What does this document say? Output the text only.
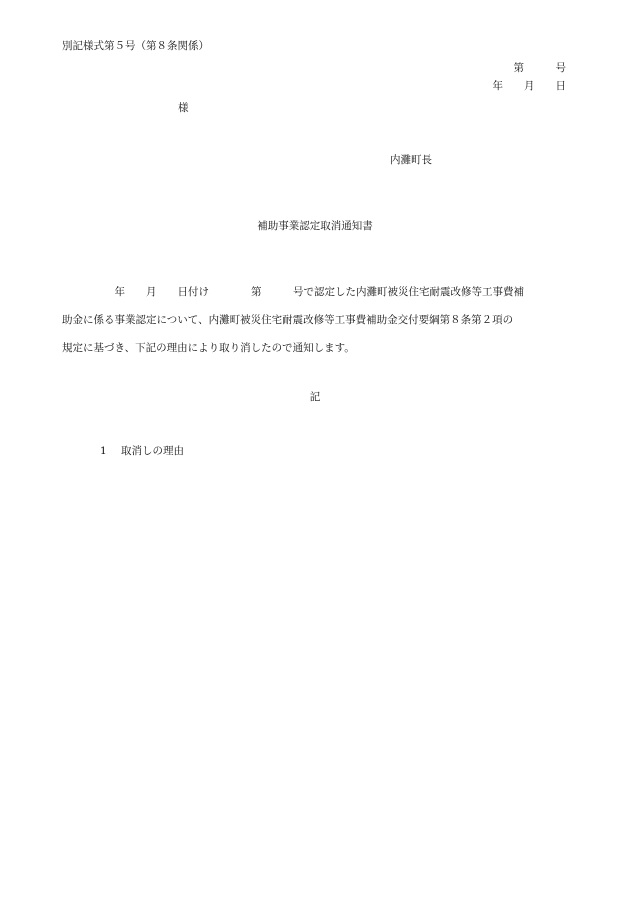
別記様式第５号（第８条関係）
第　　　号
年　　月　　日
様
内灘町長
補助事業認定取消通知書
　　　　　年　　月　　日付け　　　　第　　　号で認定した内灘町被災住宅耐震改修等工事費補
助金に係る事業認定について、内灘町被災住宅耐震改修等工事費補助金交付要綱第８条第２項の
規定に基づき、下記の理由により取り消したので通知します。
記
1 取消しの理由
